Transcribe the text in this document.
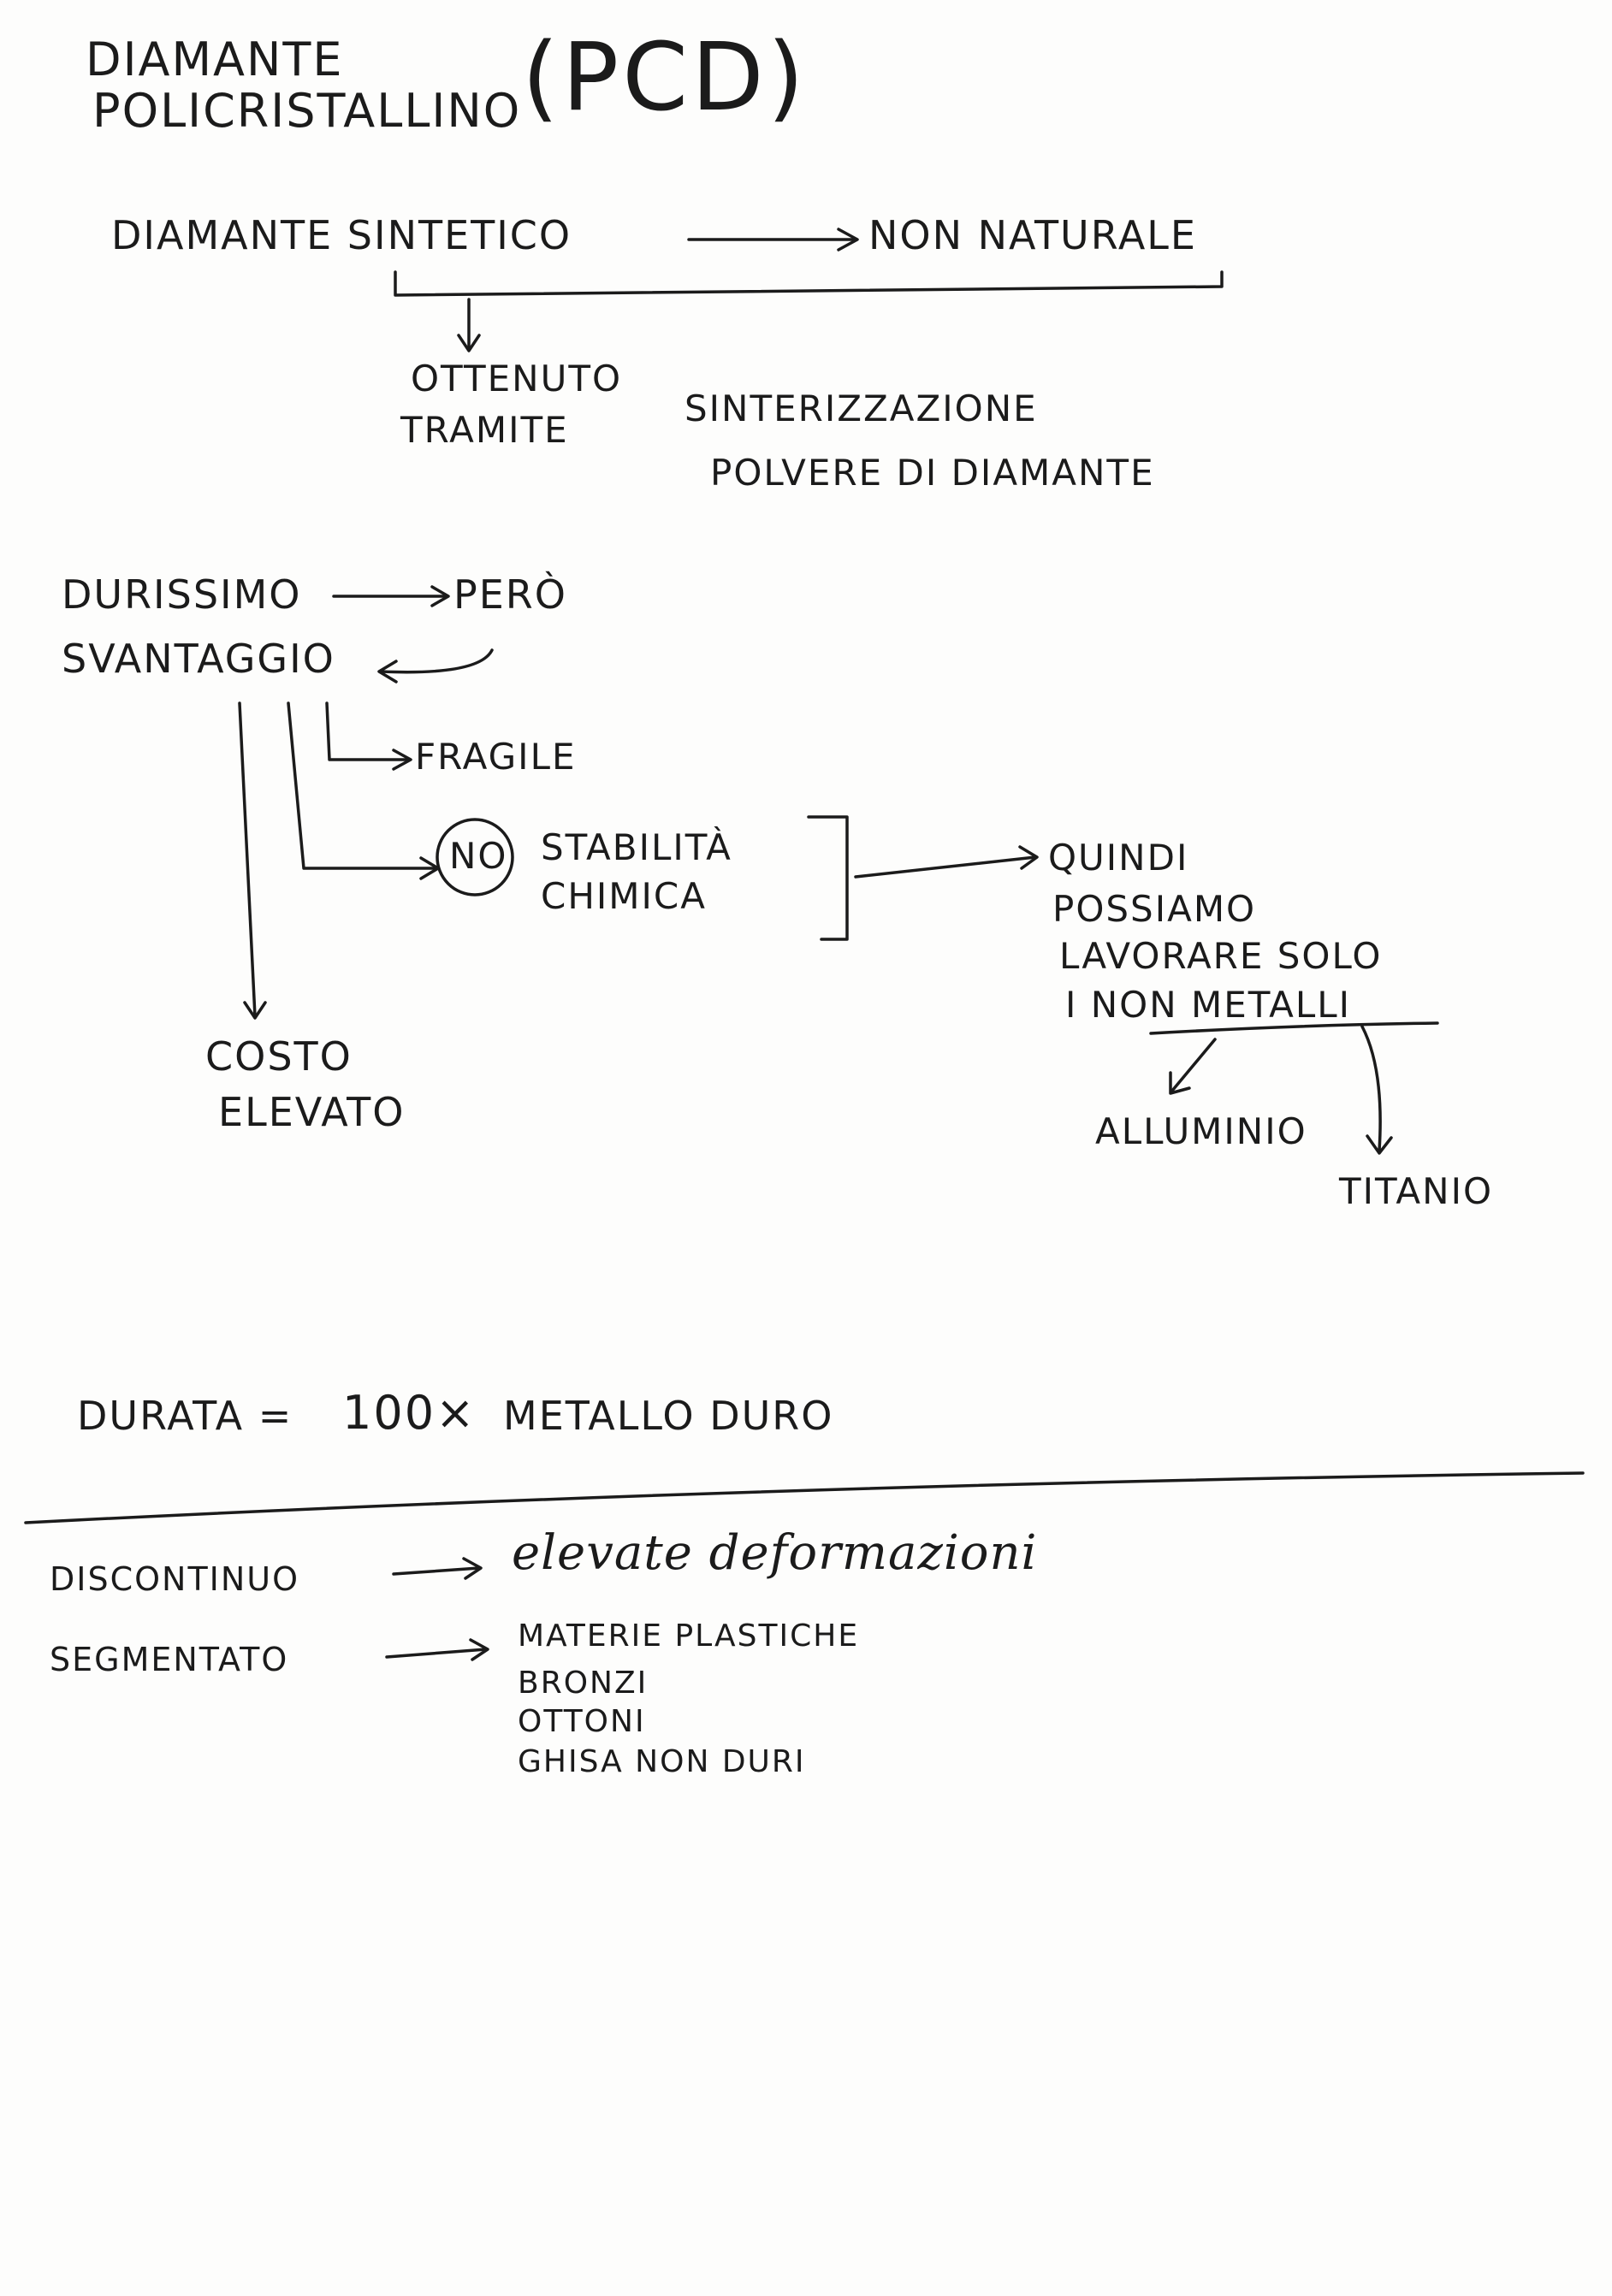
DIAMANTE
POLICRISTALLINO (PCD)
DIAMANTE SINTETICO	NON NATURALE
OTTENUTO
TRAMITE
SINTERIZZAZIONE
POLVERE DI DIAMANTE
DURISSIMO	PERÒ
SVANTAGGIO
FRAGILE
NO STABILITÀ
CHIMICA
QUINDI
POSSIAMO
LAVORARE SOLO
I NON METALLI
ALLUMINIO
TITANIO
COSTO
ELEVATO
DURATA = 100× METALLO DURO
DISCONTINUO	elevate deformazioni
SEGMENTATO
MATERIE PLASTICHE
BRONZI
OTTONI
GHISA NON DURI
